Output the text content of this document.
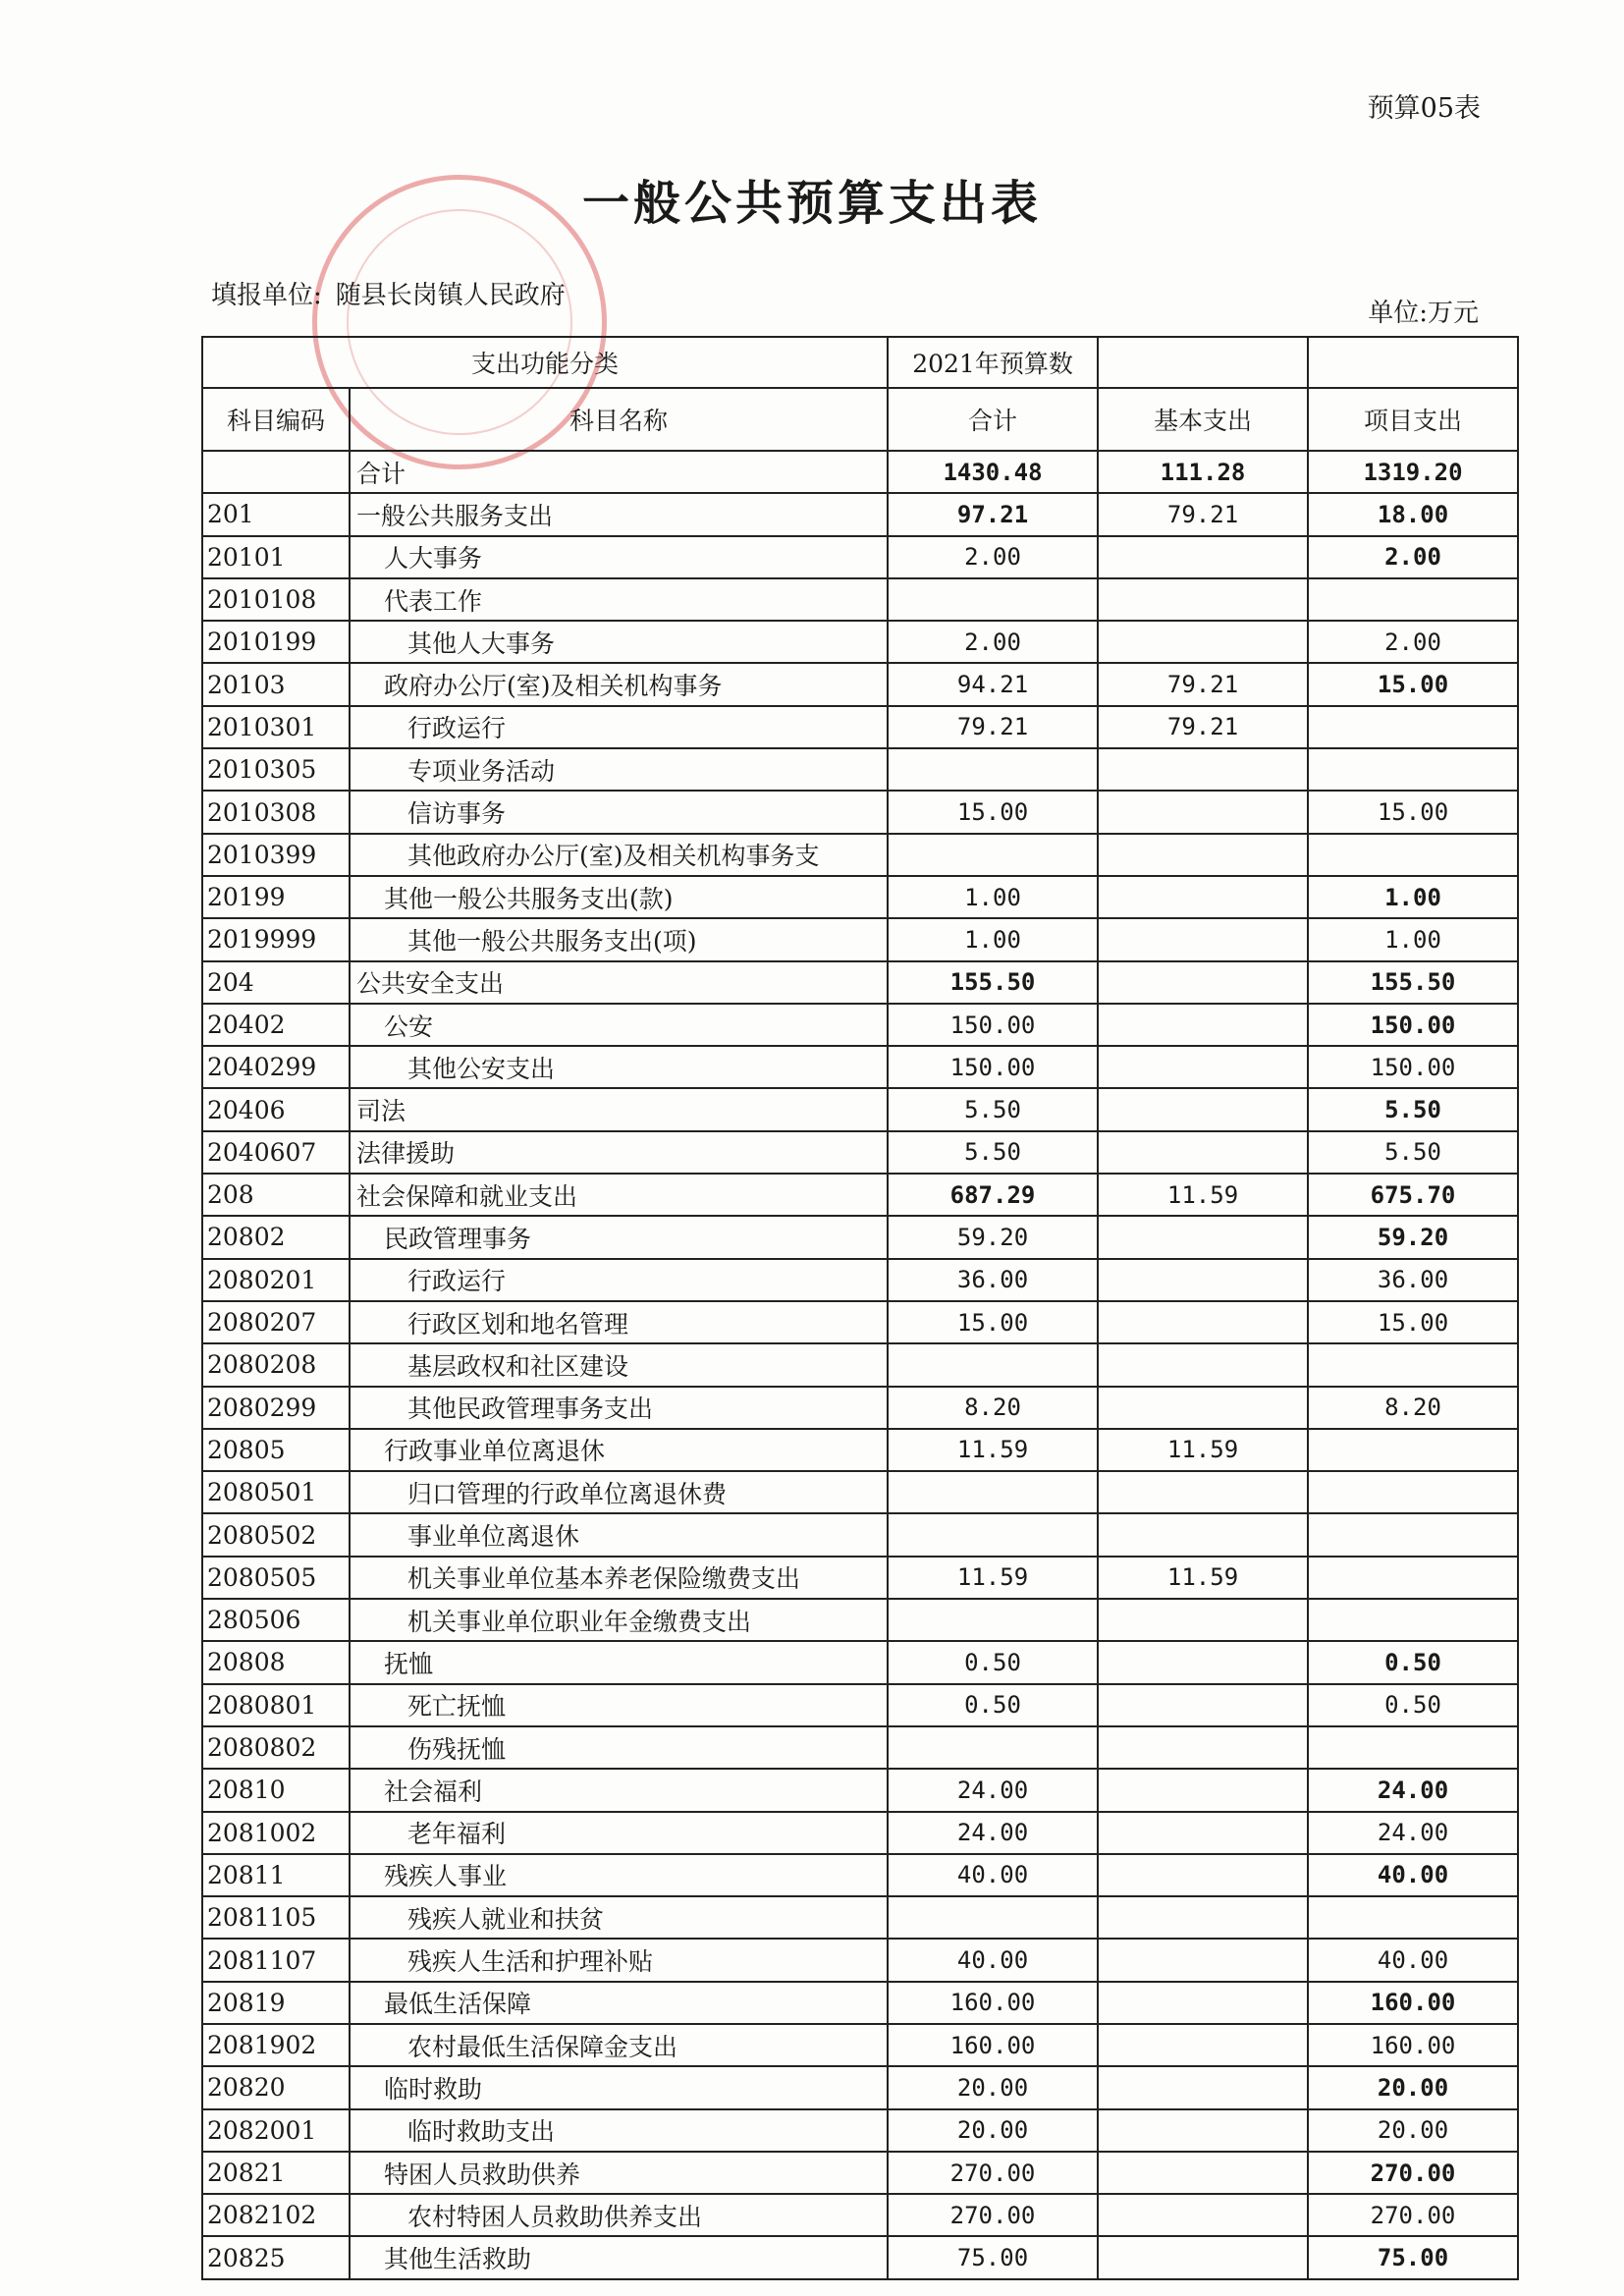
预算05表
一般公共预算支出表
填报单位: 随县长岗镇人民政府
单位:万元
支出功能分类		2021年预算数		
科目编码	科目名称	合计	基本支出	项目支出
	合计	1430.48	111.28	1319.20
201	一般公共服务支出	97.21	79.21	18.00
20101	人大事务	2.00		2.00
2010108	代表工作			
2010199	其他人大事务	2.00		2.00
20103	政府办公厅(室)及相关机构事务	94.21	79.21	15.00
2010301	行政运行	79.21	79.21	
2010305	专项业务活动			
2010308	信访事务	15.00		15.00
2010399	其他政府办公厅(室)及相关机构事务支			
20199	其他一般公共服务支出(款)	1.00		1.00
2019999	其他一般公共服务支出(项)	1.00		1.00
204	公共安全支出	155.50		155.50
20402	公安	150.00		150.00
2040299	其他公安支出	150.00		150.00
20406	司法	5.50		5.50
2040607	法律援助	5.50		5.50
208	社会保障和就业支出	687.29	11.59	675.70
20802	民政管理事务	59.20		59.20
2080201	行政运行	36.00		36.00
2080207	行政区划和地名管理	15.00		15.00
2080208	基层政权和社区建设			
2080299	其他民政管理事务支出	8.20		8.20
20805	行政事业单位离退休	11.59	11.59	
2080501	归口管理的行政单位离退休费			
2080502	事业单位离退休			
2080505	机关事业单位基本养老保险缴费支出	11.59	11.59	
280506	机关事业单位职业年金缴费支出			
20808	抚恤	0.50		0.50
2080801	死亡抚恤	0.50		0.50
2080802	伤残抚恤			
20810	社会福利	24.00		24.00
2081002	老年福利	24.00		24.00
20811	残疾人事业	40.00		40.00
2081105	残疾人就业和扶贫			
2081107	残疾人生活和护理补贴	40.00		40.00
20819	最低生活保障	160.00		160.00
2081902	农村最低生活保障金支出	160.00		160.00
20820	临时救助	20.00		20.00
2082001	临时救助支出	20.00		20.00
20821	特困人员救助供养	270.00		270.00
2082102	农村特困人员救助供养支出	270.00		270.00
20825	其他生活救助	75.00		75.00
